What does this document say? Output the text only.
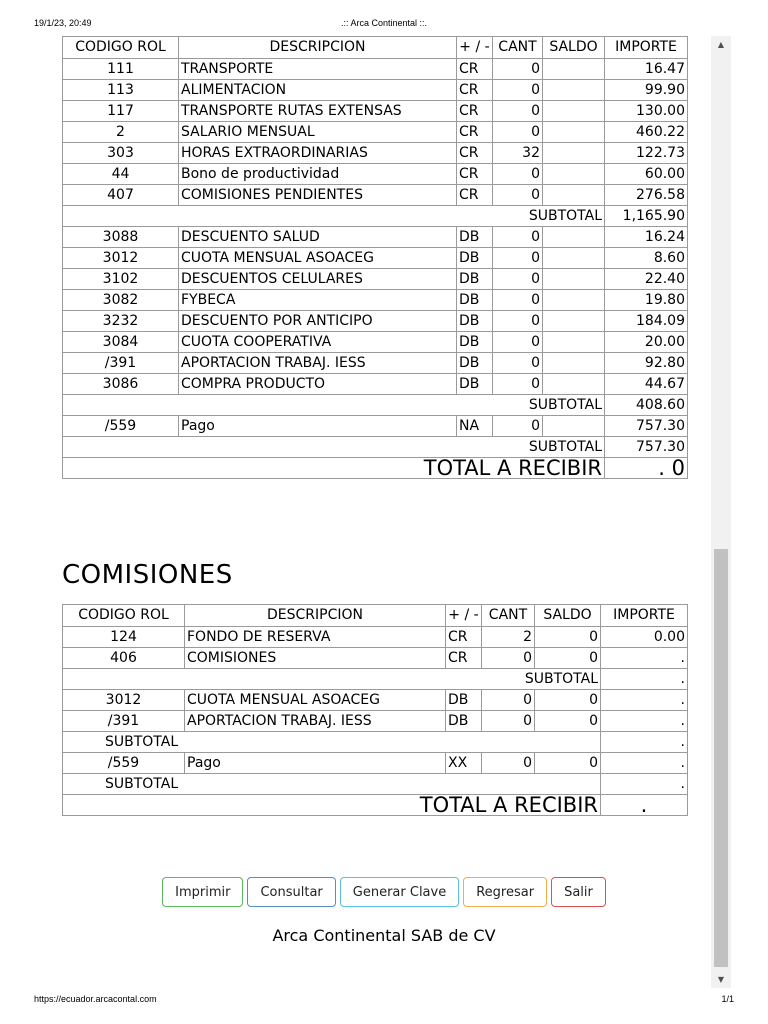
19/1/23, 20:49	.:: Arca Continental ::.
CODIGO ROL	DESCRIPCION	+ / -	CANT	SALDO	IMPORTE
111	TRANSPORTE	CR	0		16.47
113	ALIMENTACION	CR	0		99.90
117	TRANSPORTE RUTAS EXTENSAS	CR	0		130.00
2	SALARIO MENSUAL	CR	0		460.22
303	HORAS EXTRAORDINARIAS	CR	32		122.73
44	Bono de productividad	CR	0		60.00
407	COMISIONES PENDIENTES	CR	0		276.58
SUBTOTAL					1,165.90
3088	DESCUENTO SALUD	DB	0		16.24
3012	CUOTA MENSUAL ASOACEG	DB	0		8.60
3102	DESCUENTOS CELULARES	DB	0		22.40
3082	FYBECA	DB	0		19.80
3232	DESCUENTO POR ANTICIPO	DB	0		184.09
3084	CUOTA COOPERATIVA	DB	0		20.00
/391	APORTACION TRABAJ. IESS	DB	0		92.80
3086	COMPRA PRODUCTO	DB	0		44.67
SUBTOTAL					408.60
/559	Pago	NA	0		757.30
SUBTOTAL					757.30
TOTAL A RECIBIR					. 0
COMISIONES
CODIGO ROL	DESCRIPCION	+ / -	CANT	SALDO	IMPORTE
124	FONDO DE RESERVA	CR	2	0	0.00
406	COMISIONES	CR	0	0	.
SUBTOTAL					.
3012	CUOTA MENSUAL ASOACEG	DB	0	0	.
/391	APORTACION TRABAJ. IESS	DB	0	0	.
SUBTOTAL					.
/559	Pago	XX	0	0	.
SUBTOTAL					.
TOTAL A RECIBIR					.
Imprimir Consultar Generar Clave Regresar Salir
Arca Continental SAB de CV
▲
▼
https://ecuador.arcacontal.com	1/1
